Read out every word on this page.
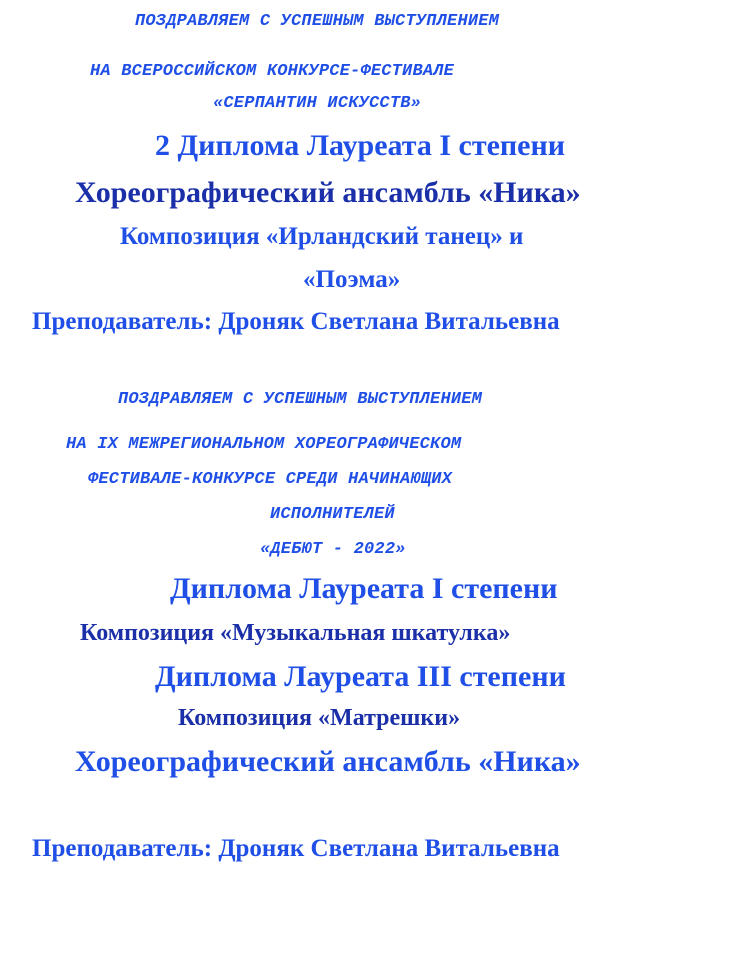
ПОЗДРАВЛЯЕМ С УСПЕШНЫМ ВЫСТУПЛЕНИЕМ
НА ВСЕРОССИЙСКОМ КОНКУРСЕ-ФЕСТИВАЛЕ
«СЕРПАНТИН ИСКУССТВ»
2 Диплома Лауреата I степени
Хореографический ансамбль «Ника»
Композиция «Ирландский танец» и
«Поэма»
Преподаватель: Дроняк Светлана Витальевна
ПОЗДРАВЛЯЕМ С УСПЕШНЫМ ВЫСТУПЛЕНИЕМ
НА IX МЕЖРЕГИОНАЛЬНОМ ХОРЕОГРАФИЧЕСКОМ
ФЕСТИВАЛЕ-КОНКУРСЕ СРЕДИ НАЧИНАЮЩИХ
ИСПОЛНИТЕЛЕЙ
«ДЕБЮТ - 2022»
Диплома Лауреата I степени
Композиция «Музыкальная шкатулка»
Диплома Лауреата III степени
Композиция «Матрешки»
Хореографический ансамбль «Ника»
Преподаватель: Дроняк Светлана Витальевна
